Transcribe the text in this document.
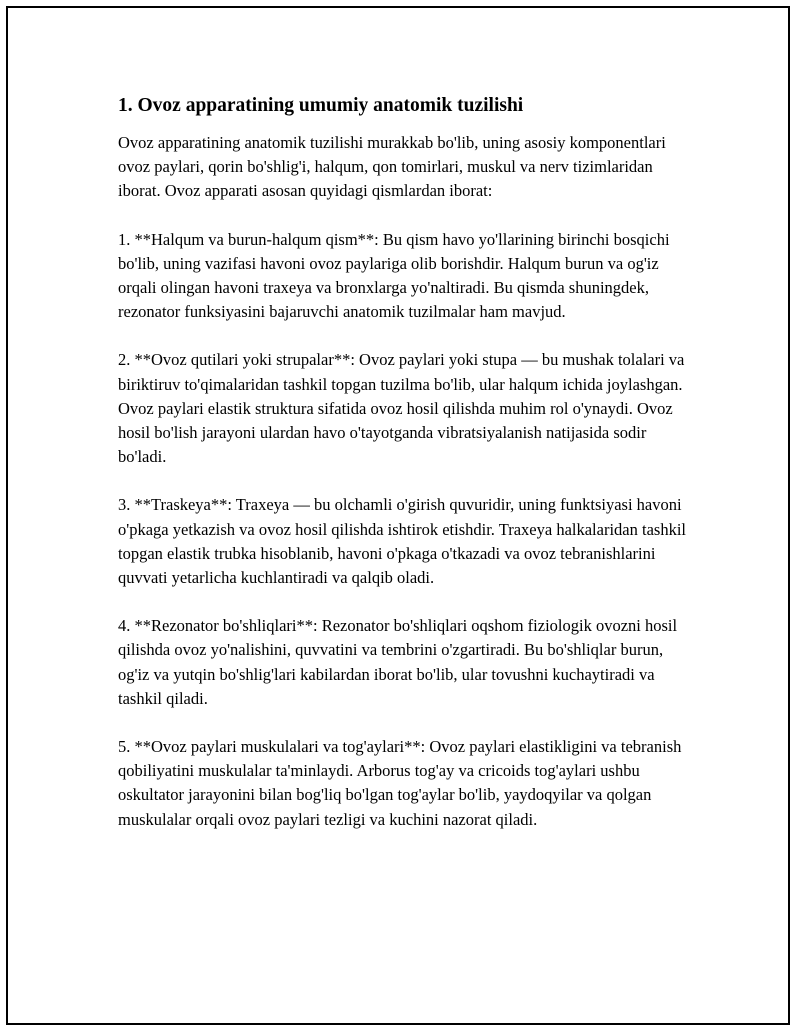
1. Ovoz apparatining umumiy anatomik tuzilishi

Ovoz apparatining anatomik tuzilishi murakkab bo'lib, uning asosiy komponentlari ovoz paylari, qorin bo'shlig'i, halqum, qon tomirlari, muskul va nerv tizimlaridan iborat. Ovoz apparati asosan quyidagi qismlardan iborat:

1. **Halqum va burun-halqum qism**: Bu qism havo yo'llarining birinchi bosqichi bo'lib, uning vazifasi havoni ovoz paylariga olib borishdir. Halqum burun va og'iz orqali olingan havoni traxeya va bronxlarga yo'naltiradi. Bu qismda shuningdek, rezonator funksiyasini bajaruvchi anatomik tuzilmalar ham mavjud.

2. **Ovoz qutilari yoki strupalar**: Ovoz paylari yoki stupa — bu mushak tolalari va biriktiruv to'qimalaridan tashkil topgan tuzilma bo'lib, ular halqum ichida joylashgan. Ovoz paylari elastik struktura sifatida ovoz hosil qilishda muhim rol o'ynaydi. Ovoz hosil bo'lish jarayoni ulardan havo o'tayotganda vibratsiyalanish natijasida sodir bo'ladi.

3. **Traskeya**: Traxeya — bu olchamli o'girish quvuridir, uning funktsiyasi havoni o'pkaga yetkazish va ovoz hosil qilishda ishtirok etishdir. Traxeya halkalaridan tashkil topgan elastik trubka hisoblanib, havoni o'pkaga o'tkazadi va ovoz tebranishlarini quvvati yetarlicha kuchlantiradi va qalqib oladi.

4. **Rezonator bo'shliqlari**: Rezonator bo'shliqlari oqshom fiziologik ovozni hosil qilishda ovoz yo'nalishini, quvvatini va tembrini o'zgartiradi. Bu bo'shliqlar burun, og'iz va yutqin bo'shlig'lari kabilardan iborat bo'lib, ular tovushni kuchaytiradi va tashkil qiladi.

5. **Ovoz paylari muskulalari va tog'aylari**: Ovoz paylari elastikligini va tebranish qobiliyatini muskulalar ta'minlaydi. Arborus tog'ay va cricoids tog'aylari ushbu oskultator jarayonini bilan bog'liq bo'lgan tog'aylar bo'lib, yaydoqyilar va qolgan muskulalar orqali ovoz paylari tezligi va kuchini nazorat qiladi.
